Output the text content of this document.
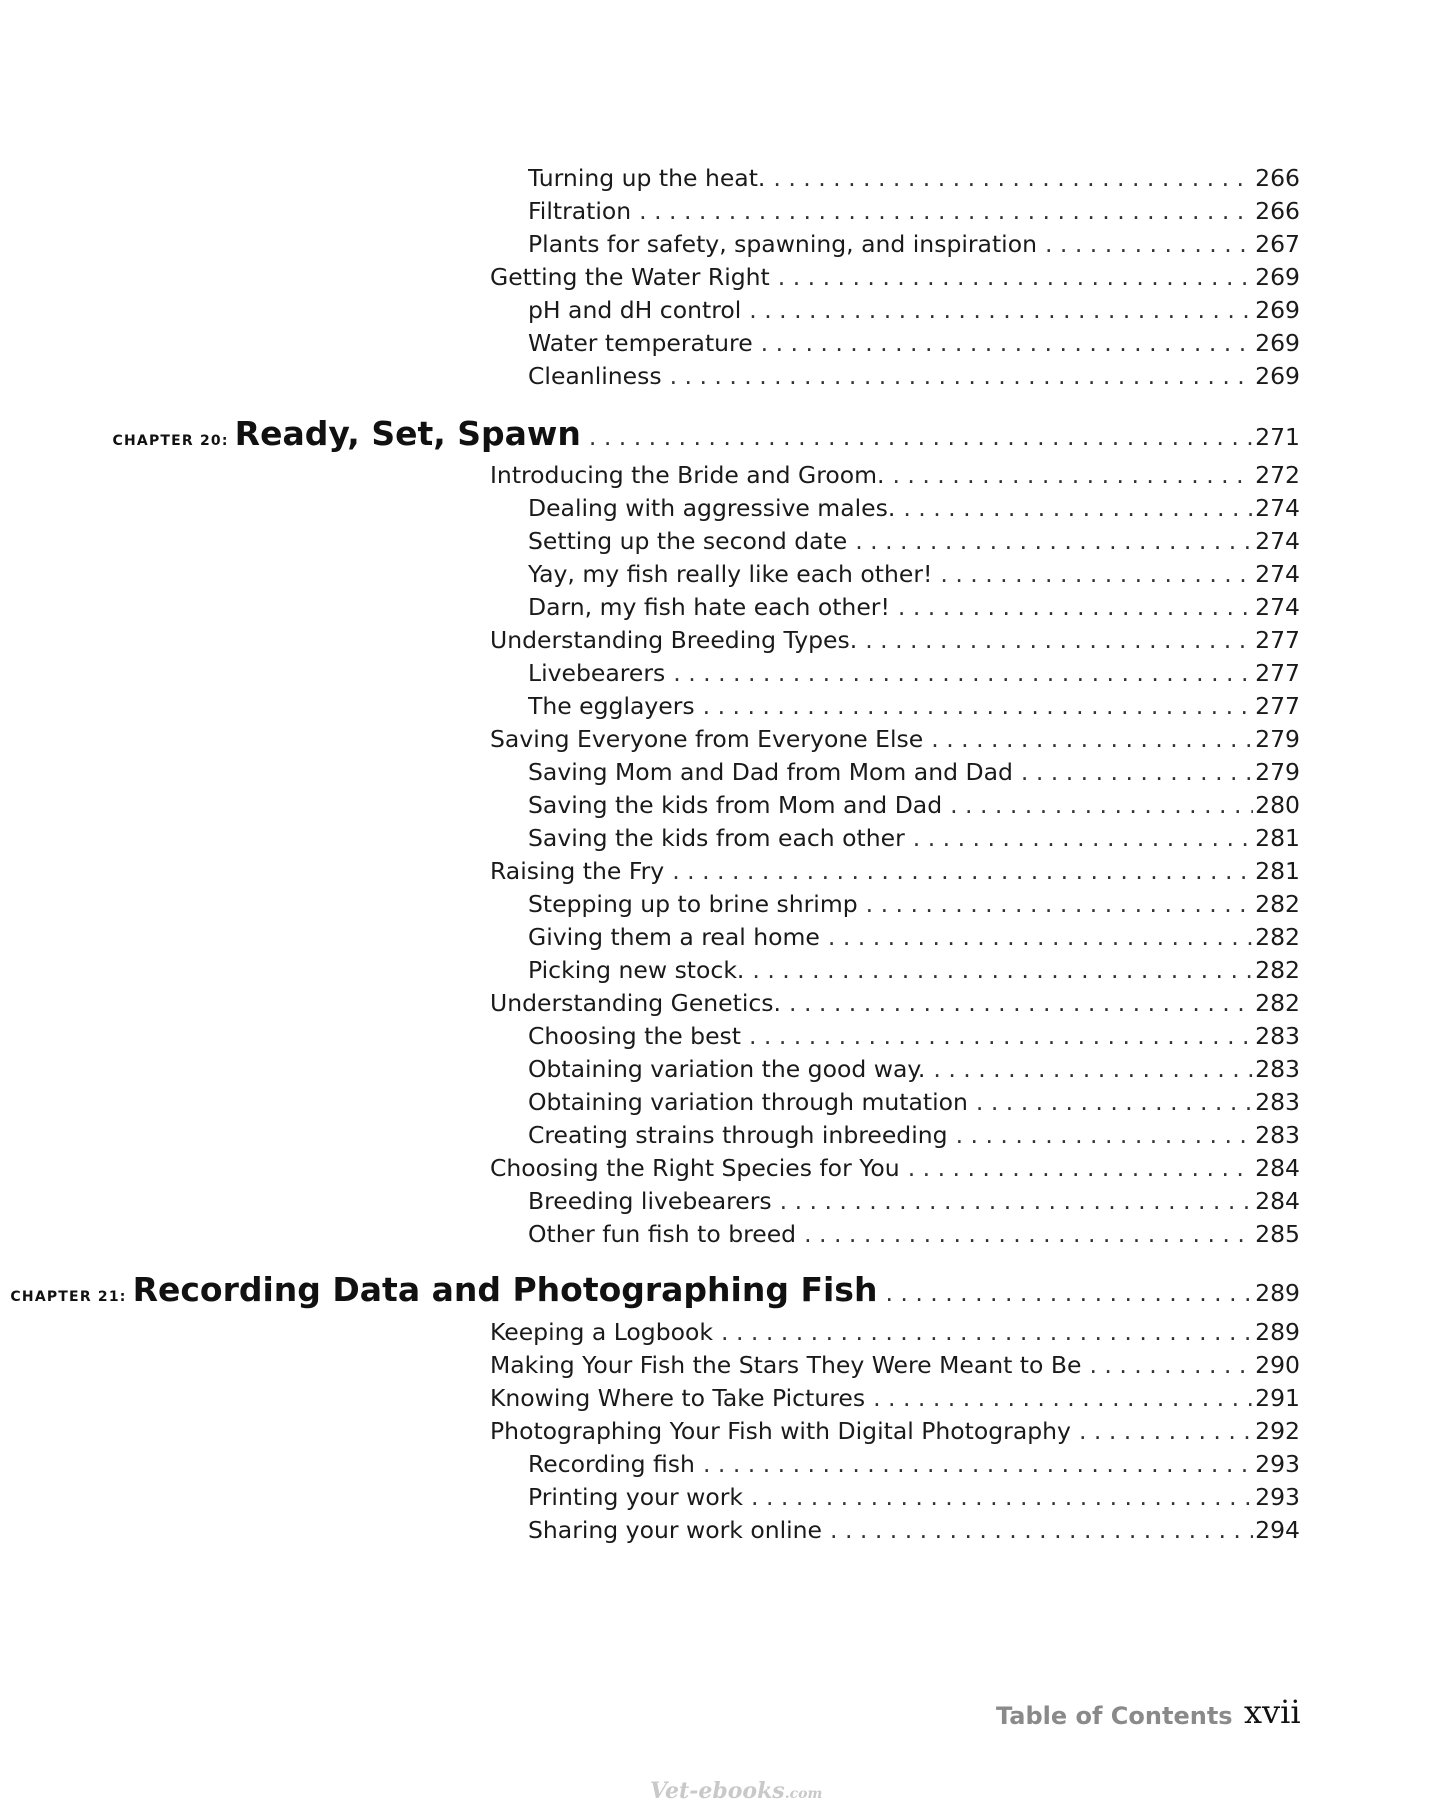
Turning up the heat. . . .	266
Filtration . . .	266
Plants for safety, spawning, and inspiration . . .	267
Getting the Water Right . . .	269
pH and dH control . . .	269
Water temperature . . .	269
Cleanliness . . .	269
CHAPTER 20: Ready, Set, Spawn . . .	271
Introducing the Bride and Groom. . . .	272
Dealing with aggressive males. . . .	274
Setting up the second date . . .	274
Yay, my fish really like each other! . . .	274
Darn, my fish hate each other! . . .	274
Understanding Breeding Types. . . .	277
Livebearers . . .	277
The egglayers . . .	277
Saving Everyone from Everyone Else . . .	279
Saving Mom and Dad from Mom and Dad . . .	279
Saving the kids from Mom and Dad . . .	280
Saving the kids from each other . . .	281
Raising the Fry . . .	281
Stepping up to brine shrimp . . .	282
Giving them a real home . . .	282
Picking new stock. . . .	282
Understanding Genetics. . . .	282
Choosing the best . . .	283
Obtaining variation the good way. . . .	283
Obtaining variation through mutation . . .	283
Creating strains through inbreeding . . .	283
Choosing the Right Species for You . . .	284
Breeding livebearers . . .	284
Other fun fish to breed . . .	285
CHAPTER 21: Recording Data and Photographing Fish . . .	289
Keeping a Logbook . . .	289
Making Your Fish the Stars They Were Meant to Be . . .	290
Knowing Where to Take Pictures . . .	291
Photographing Your Fish with Digital Photography . . .	292
Recording fish . . .	293
Printing your work . . .	293
Sharing your work online . . .	294
Table of Contents xvii
Vet-ebooks.com
